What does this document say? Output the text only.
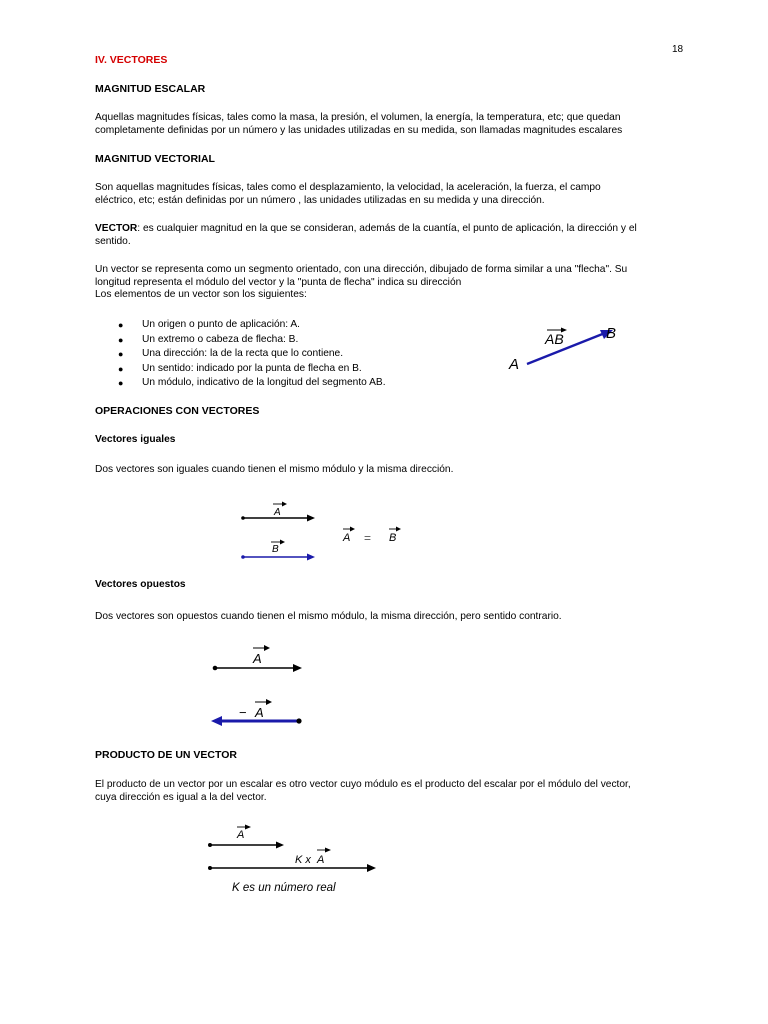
18
IV. VECTORES
MAGNITUD ESCALAR
Aquellas magnitudes físicas, tales como la masa, la presión, el volumen, la energía, la temperatura, etc; que quedan
completamente definidas por un número y las unidades utilizadas en su medida, son llamadas magnitudes escalares
MAGNITUD VECTORIAL
Son aquellas magnitudes físicas, tales como el desplazamiento, la velocidad, la aceleración, la fuerza, el campo
eléctrico, etc; están definidas por un número , las unidades utilizadas en su medida y una dirección.
VECTOR: es cualquier magnitud en la que se consideran, además de la cuantía, el punto de aplicación, la dirección y el
sentido.
Un vector se representa como un segmento orientado, con una dirección, dibujado de forma similar a una "flecha". Su
longitud representa el módulo del vector y la "punta de flecha" indica su dirección
Los elementos de un vector son los siguientes:
● Un origen o punto de aplicación: A.
● Un extremo o cabeza de flecha: B.
● Una dirección: la de la recta que lo contiene.
● Un sentido: indicado por la punta de flecha en B.
● Un módulo, indicativo de la longitud del segmento AB.
AB
A
B
OPERACIONES CON VECTORES
Vectores iguales
Dos vectores son iguales cuando tienen el mismo módulo y la misma dirección.
A
B
A = B
Vectores opuestos
Dos vectores son opuestos cuando tienen el mismo módulo, la misma dirección, pero sentido contrario.
A
− A
PRODUCTO DE UN VECTOR
El producto de un vector por un escalar es otro vector cuyo módulo es el producto del escalar por el módulo del vector,
cuya dirección es igual a la del vector.
A
K x A
K es un número real
